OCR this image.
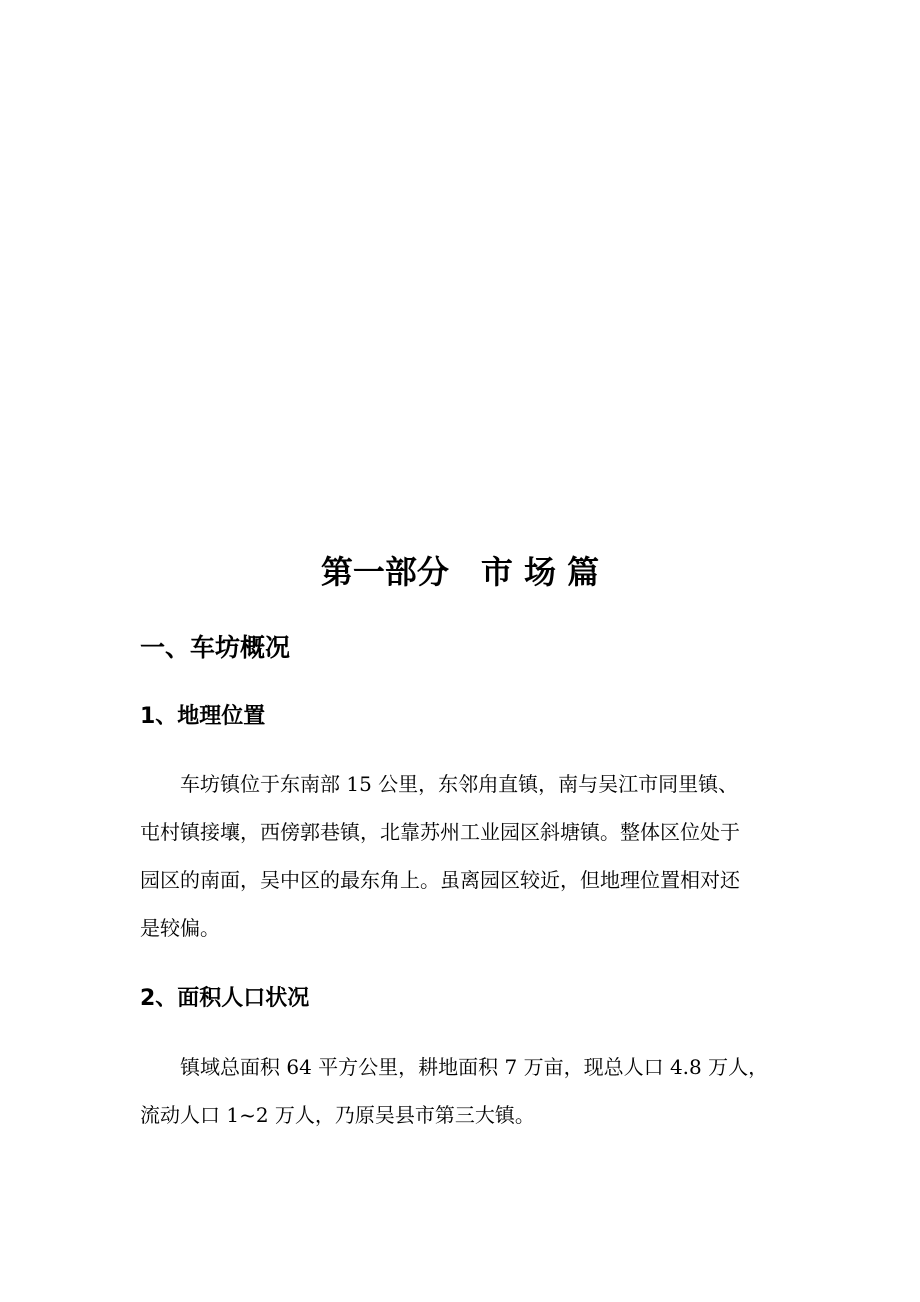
第一部分　市 场 篇
一、车坊概况
1、地理位置
车坊镇位于东南部 15 公里，东邻甪直镇，南与吴江市同里镇、
屯村镇接壤，西傍郭巷镇，北靠苏州工业园区斜塘镇。整体区位处于
园区的南面，吴中区的最东角上。虽离园区较近，但地理位置相对还
是较偏。
2、面积人口状况
镇域总面积 64 平方公里，耕地面积 7 万亩，现总人口 4.8 万人，
流动人口 1~2 万人，乃原吴县市第三大镇。
